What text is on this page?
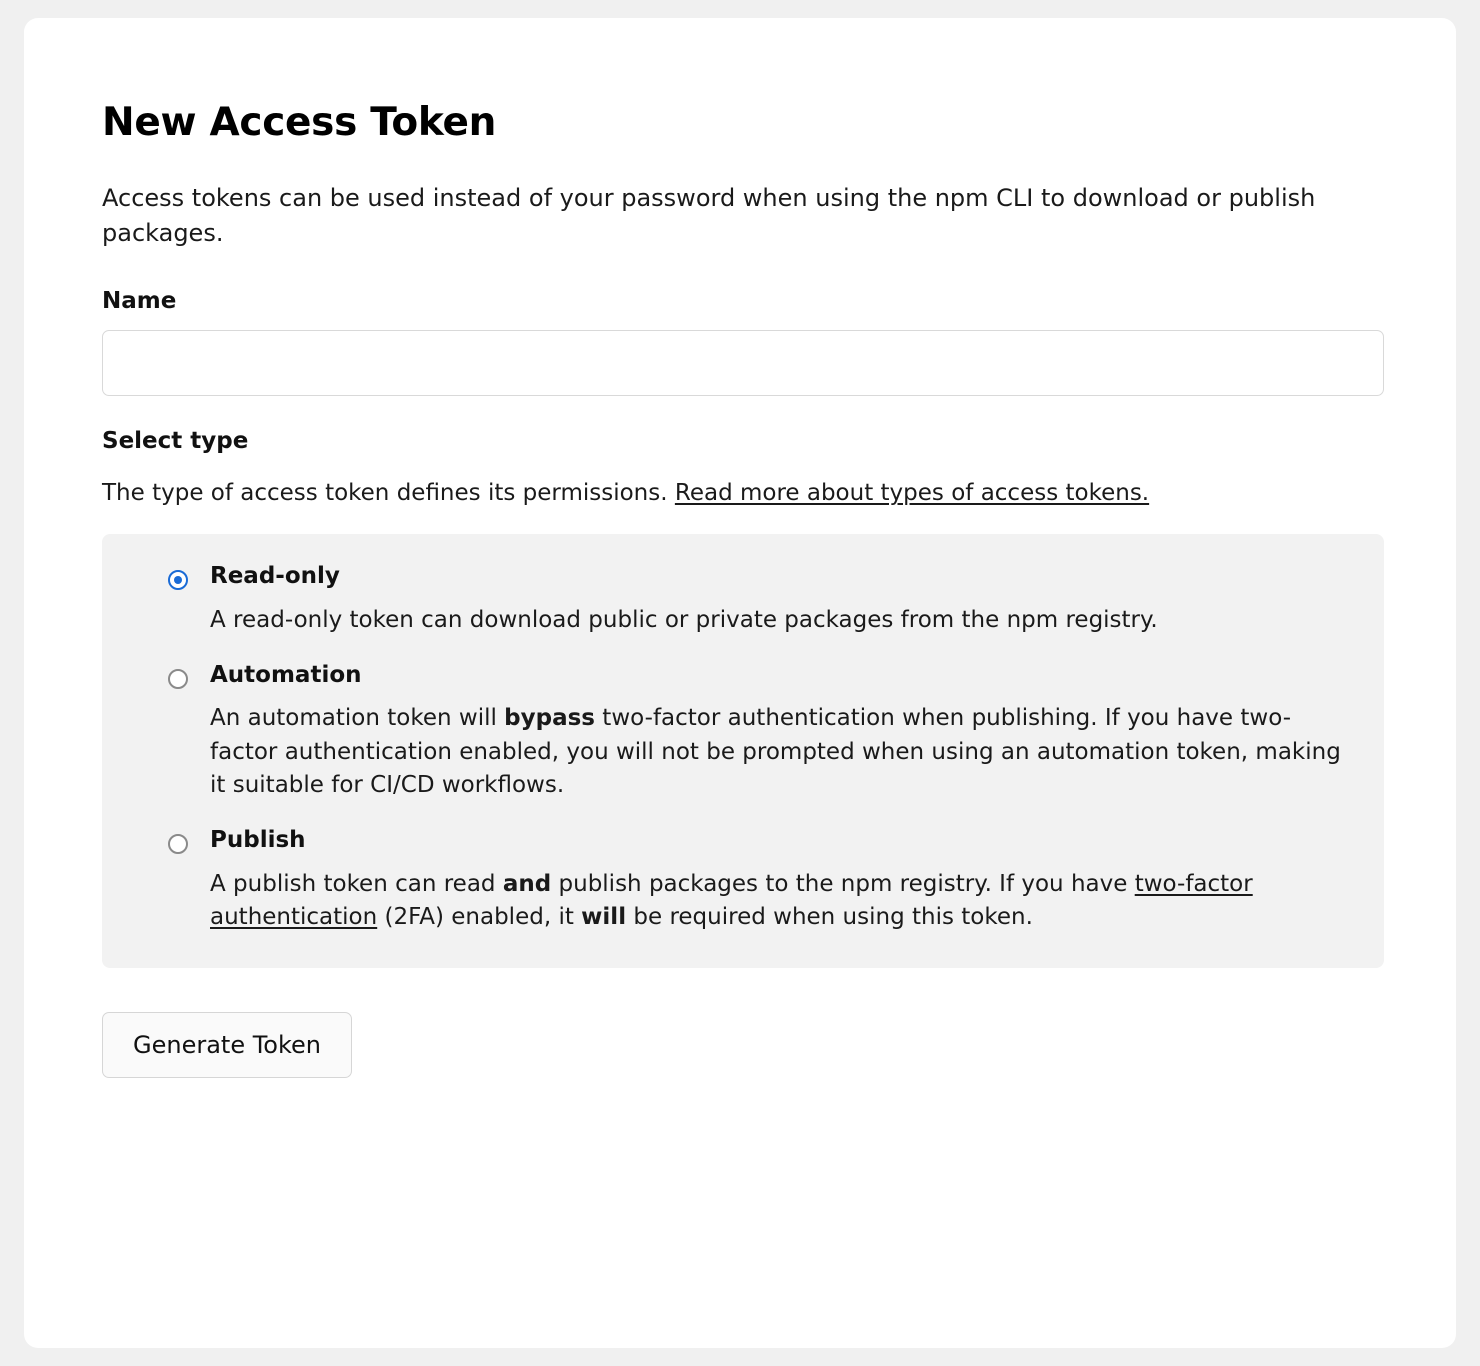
New Access Token

Access tokens can be used instead of your password when using the npm CLI to download or publish packages.

Name
Select type

The type of access token defines its permissions. Read more about types of access tokens.

Read-only
A read-only token can download public or private packages from the npm registry.
Automation
An automation token will bypass two-factor authentication when publishing. If you have two-factor authentication enabled, you will not be prompted when using an automation token, making it suitable for CI/CD workflows.
Publish
A publish token can read and publish packages to the npm registry. If you have two-factor authentication (2FA) enabled, it will be required when using this token.
Generate Token
